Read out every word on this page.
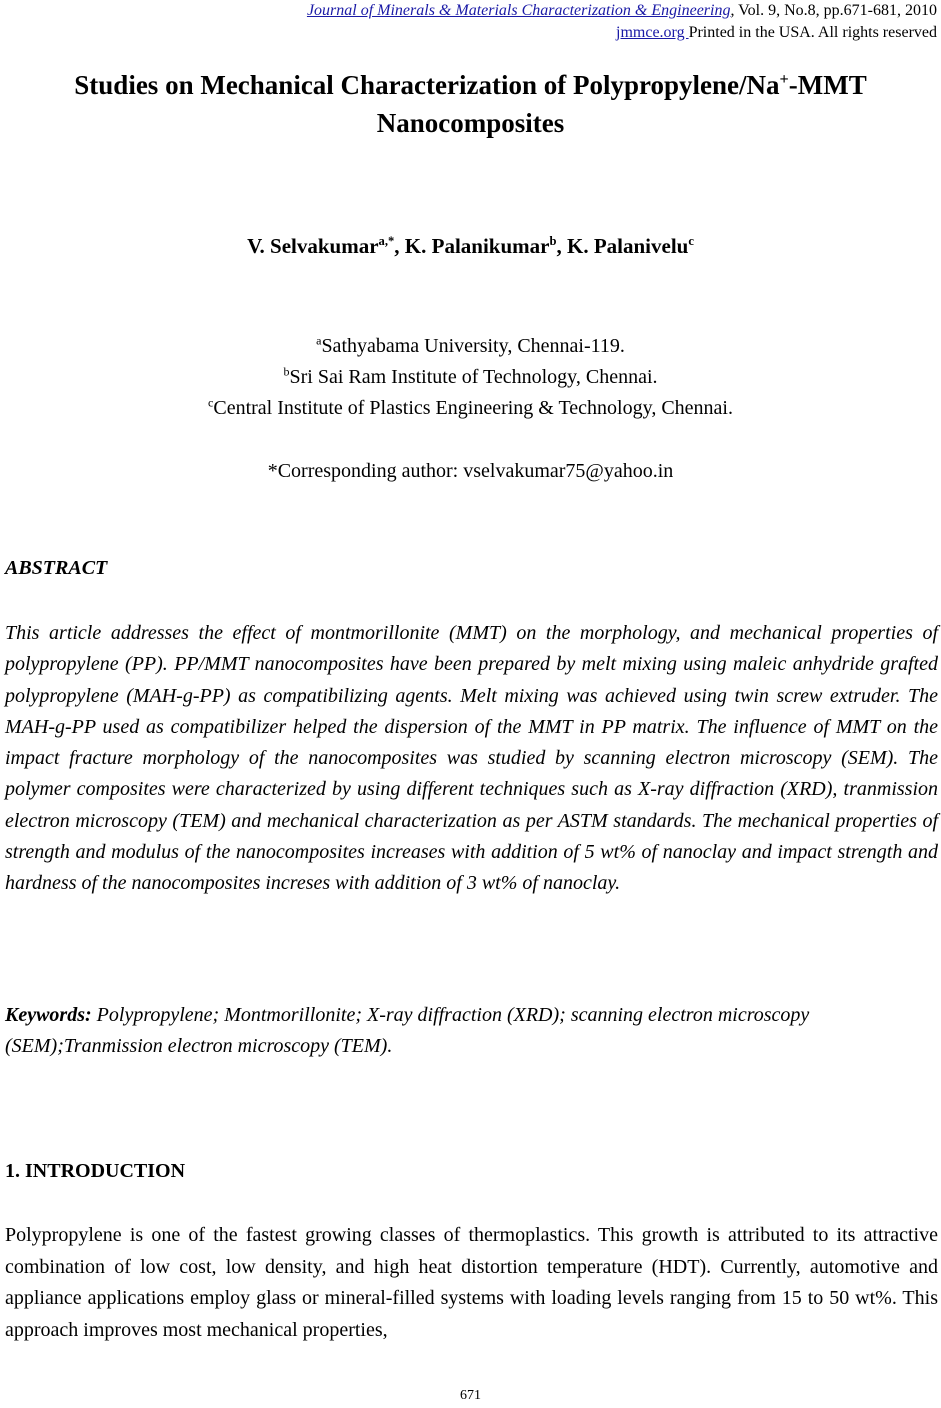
Journal of Minerals & Materials Characterization & Engineering, Vol. 9, No.8, pp.671-681, 2010
jmmce.org Printed in the USA. All rights reserved
Studies on Mechanical Characterization of Polypropylene/Na+-MMT
Nanocomposites
V. Selvakumar$^{a,*}$, K. Palanikumar$^b$, K. Palanivelu$^c$
$^a$Sathyabama University, Chennai-119.
$^b$Sri Sai Ram Institute of Technology, Chennai.
$^c$Central Institute of Plastics Engineering & Technology, Chennai.
*Corresponding author: vselvakumar75@yahoo.in
ABSTRACT
This article addresses the effect of montmorillonite (MMT) on the morphology, and mechanical properties of polypropylene (PP). PP/MMT nanocomposites have been prepared by melt mixing using maleic anhydride grafted polypropylene (MAH-g-PP) as compatibilizing agents. Melt mixing was achieved using twin screw extruder. The MAH-g-PP used as compatibilizer helped the dispersion of the MMT in PP matrix. The influence of MMT on the impact fracture morphology of the nanocomposites was studied by scanning electron microscopy (SEM). The polymer composites were characterized by using different techniques such as X-ray diffraction (XRD), tranmission electron microscopy (TEM) and mechanical characterization as per ASTM standards. The mechanical properties of strength and modulus of the nanocomposites increases with addition of 5 wt% of nanoclay and impact strength and hardness of the nanocomposites increses with addition of 3 wt% of nanoclay.
Keywords: Polypropylene; Montmorillonite; X-ray diffraction (XRD); scanning electron microscopy (SEM);Tranmission electron microscopy (TEM).
1. INTRODUCTION
Polypropylene is one of the fastest growing classes of thermoplastics. This growth is attributed to its attractive combination of low cost, low density, and high heat distortion temperature (HDT). Currently, automotive and appliance applications employ glass or mineral-filled systems with loading levels ranging from 15 to 50 wt%. This approach improves most mechanical properties,
671
